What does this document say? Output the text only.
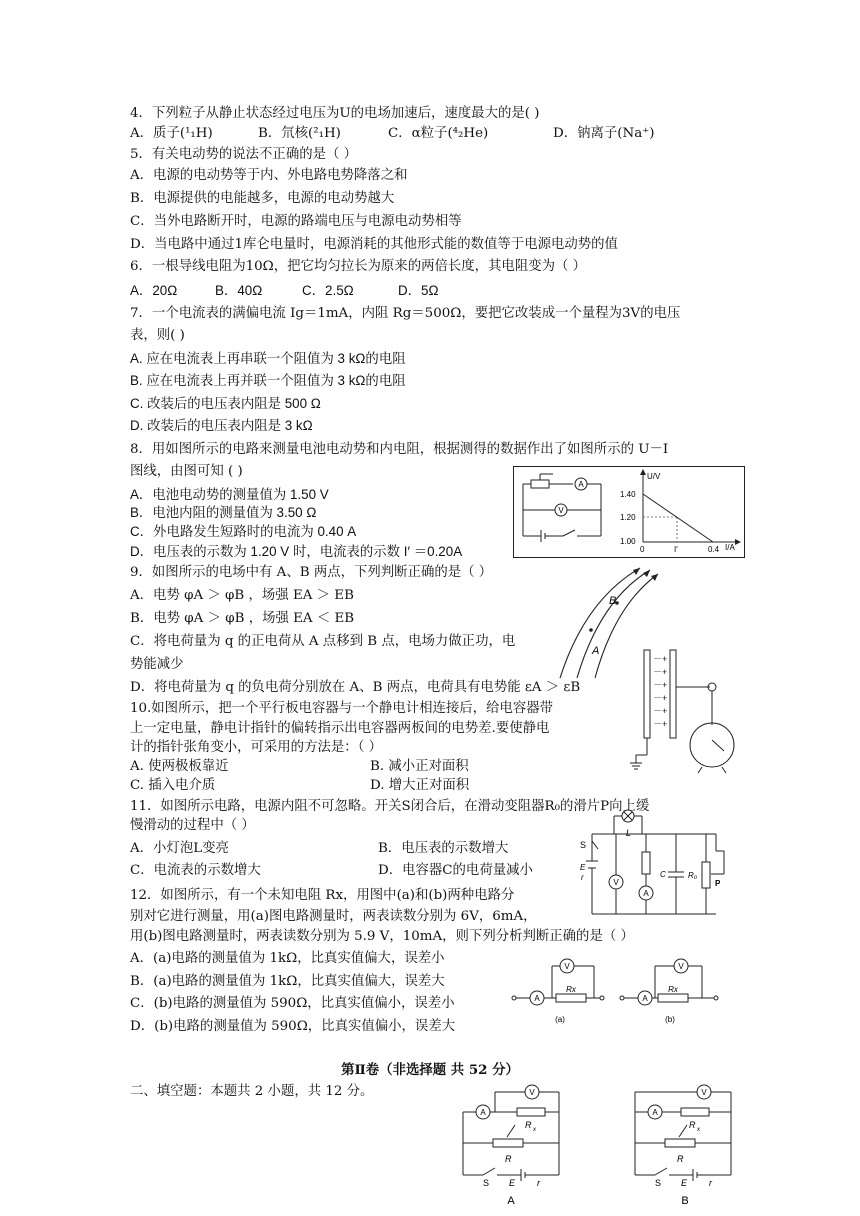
4．下列粒子从静止状态经过电压为U的电场加速后，速度最大的是( )
A．质子(¹₁H)	B．氘核(²₁H)	C．α粒子(⁴₂He)	D．钠离子(Na⁺)
5．有关电动势的说法不正确的是（ ）
A．电源的电动势等于内、外电路电势降落之和
B．电源提供的电能越多，电源的电动势越大
C．当外电路断开时，电源的路端电压与电源电动势相等
D．当电路中通过1库仑电量时，电源消耗的其他形式能的数值等于电源电动势的值
6．一根导线电阻为10Ω，把它均匀拉长为原来的两倍长度，其电阻变为（ ）
A．20Ω	B．40Ω	C．2.5Ω	D．5Ω
7．一个电流表的满偏电流 Ig＝1mA，内阻 Rg＝500Ω，要把它改装成一个量程为3V的电压
表，则( )
A. 应在电流表上再串联一个阻值为 3 kΩ的电阻
B. 应在电流表上再并联一个阻值为 3 kΩ的电阻
C. 改装后的电压表内阻是 500 Ω
D. 改装后的电压表内阻是 3 kΩ
8．用如图所示的电路来测量电池电动势和内电阻，根据测得的数据作出了如图所示的 U－I
图线，由图可知 ( )
A．电池电动势的测量值为 1.50 V
B．电池内阻的测量值为 3.50 Ω
C．外电路发生短路时的电流为 0.40 A
D．电压表的示数为 1.20 V 时，电流表的示数 I′ ＝0.20A
A
V
U/V
I/A
1.40
1.20
1.00
0	I′	0.4
9．如图所示的电场中有 A、B 两点，下列判断正确的是（ ）
A．电势 φA ＞ φB ，场强 EA ＞ EB
B．电势 φA ＞ φB ，场强 EA ＜ EB
C．将电荷量为 q 的正电荷从 A 点移到 B 点，电场力做正功，电
势能减少
D．将电荷量为 q 的负电荷分别放在 A、B 两点，电荷具有电势能 εA ＞ εB
A
B
10.如图所示，把一个平行板电容器与一个静电计相连接后，给电容器带
上一定电量，静电计指针的偏转指示出电容器两板间的电势差.要使静电
计的指针张角变小，可采用的方法是：（ ）
A. 使两极板靠近	B. 减小正对面积
C. 插入电介质	D. 增大正对面积
－
－
－
－
－
－
+
+
+
+
+
+
11．如图所示电路，电源内阻不可忽略。开关S闭合后，在滑动变阻器R₀的滑片P向上缓
慢滑动的过程中（ ）
A．小灯泡L变亮	B．电压表的示数增大
C．电流表的示数增大	D．电容器C的电荷量减小
L
S
E
r
V
A
C	R₀
P
12．如图所示，有一个未知电阻 Rx，用图中(a)和(b)两种电路分
别对它进行测量，用(a)图电路测量时，两表读数分别为 6V，6mA，
用(b)图电路测量时，两表读数分别为 5.9 V，10mA，则下列分析判断正确的是（ ）
A．(a)电路的测量值为 1kΩ，比真实值偏大，误差小
B．(a)电路的测量值为 1kΩ，比真实值偏大，误差大
C．(b)电路的测量值为 590Ω，比真实值偏小，误差小
D．(b)电路的测量值为 590Ω，比真实值偏小，误差大
A
V
A
V
Rx	Rx
(a)	(b)
第Ⅱ卷（非选择题 共 52 分）
二、填空题：本题共 2 小题，共 12 分。
A
V
A
V
R x
R
S E r
R x
R
S E r
A	B
